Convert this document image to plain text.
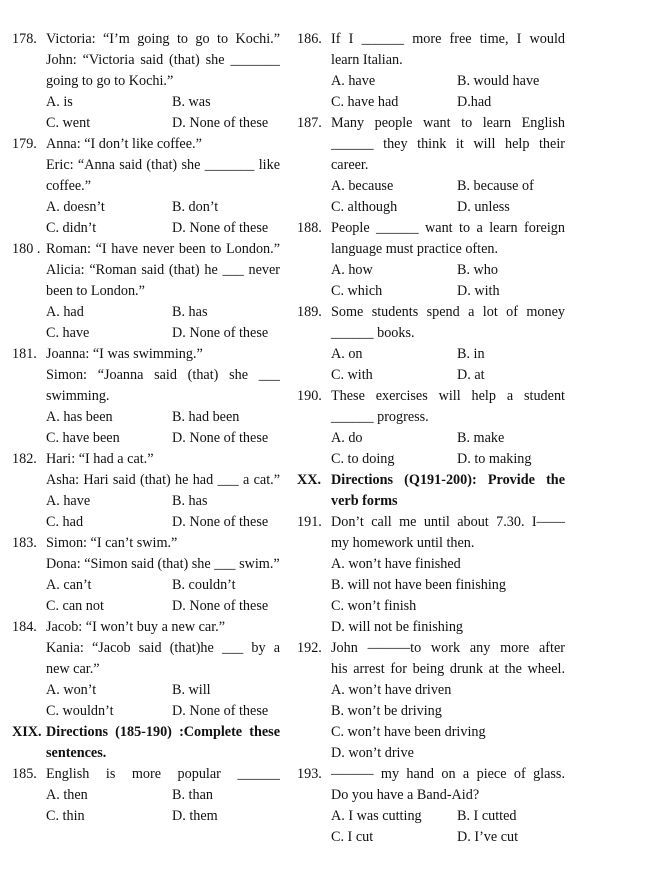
178. Victoria: “I’m going to go to Kochi.”
John: “Victoria said (that) she _______
going to go to Kochi.”
A. is	B. was
C. went	D. None of these
179. Anna: “I don’t like coffee.”
Eric: “Anna said (that) she _______ like
coffee.”
A. doesn’t	B. don’t
C. didn’t	D. None of these
180 . Roman: “I have never been to London.”
Alicia: “Roman said (that) he ___ never
been to London.”
A. had	B. has
C. have	D. None of these
181. Joanna: “I was swimming.”
Simon: “Joanna said (that) she ___
swimming.
A. has been	B. had been
C. have been	D. None of these
182. Hari: “I had a cat.”
Asha: Hari said (that) he had ___ a cat.”
A. have	B. has
C. had	D. None of these
183. Simon: “I can’t swim.”
Dona: “Simon said (that) she ___ swim.”
A. can’t	B. couldn’t
C. can not	D. None of these
184. Jacob: “I won’t buy a new car.”
Kania: “Jacob said (that)he ___ by a
new car.”
A. won’t	B. will
C. wouldn’t	D. None of these
XIX. Directions (185-190) :Complete these
sentences.
185. English is more popular ______
A. then	B. than
C. thin	D. them
186. If I ______ more free time, I would
learn Italian.
A. have	B. would have
C. have had	D.had
187. Many people want to learn English
______ they think it will help their
career.
A. because	B. because of
C. although	D. unless
188. People ______ want to a learn foreign
language must practice often.
A. how	B. who
C. which	D. with
189. Some students spend a lot of money
______ books.
A. on	B. in
C. with	D. at
190. These exercises will help a student
______ progress.
A. do	B. make
C. to doing	D. to making
XX. Directions (Q191-200): Provide the
verb forms
191. Don’t call me until about 7.30. I——
my homework until then.
A. won’t have finished
B. will not have been finishing
C. won’t finish
D. will not be finishing
192. John ———to work any more after
his arrest for being drunk at the wheel.
A. won’t have driven
B. won’t be driving
C. won’t have been driving
D. won’t drive
193. ——— my hand on a piece of glass.
Do you have a Band-Aid?
A. I was cutting B. I cutted
C. I cut	D. I’ve cut
